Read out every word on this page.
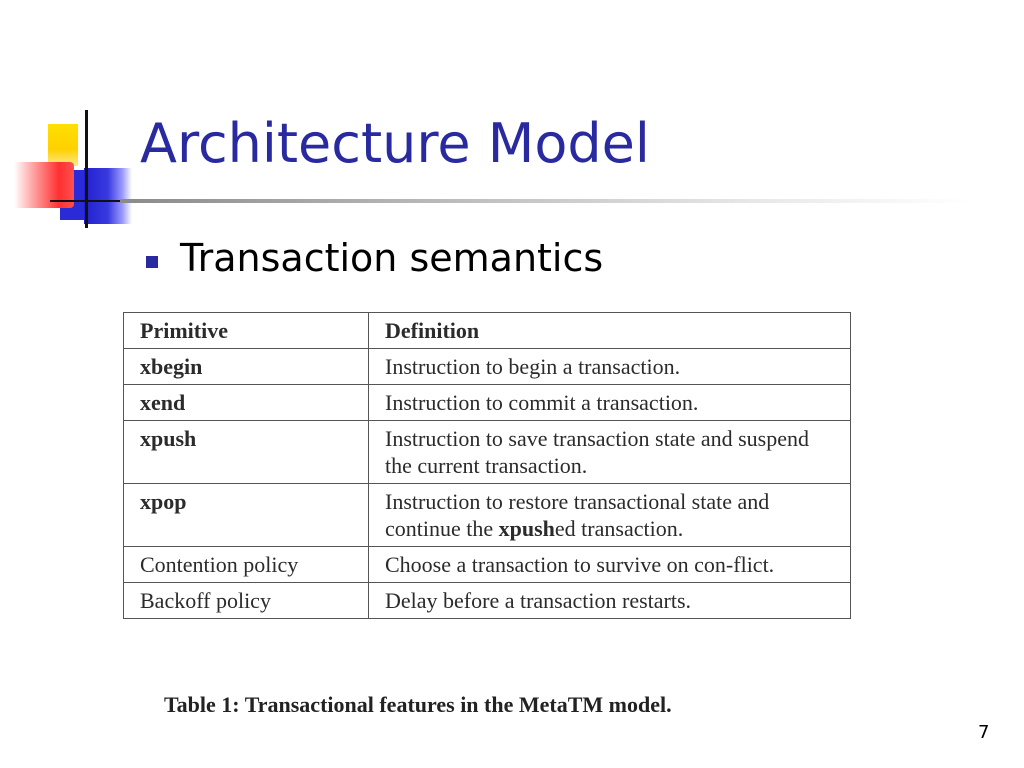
Architecture Model
Transaction semantics
Primitive	Definition
xbegin	Instruction to begin a transaction.
xend	Instruction to commit a transaction.
xpush	Instruction to save transaction state and suspend the current transaction.
xpop	Instruction to restore transactional state and continue the xpushed transaction.
Contention policy	Choose a transaction to survive on con-flict.
Backoff policy	Delay before a transaction restarts.
Table 1: Transactional features in the MetaTM model.
7
